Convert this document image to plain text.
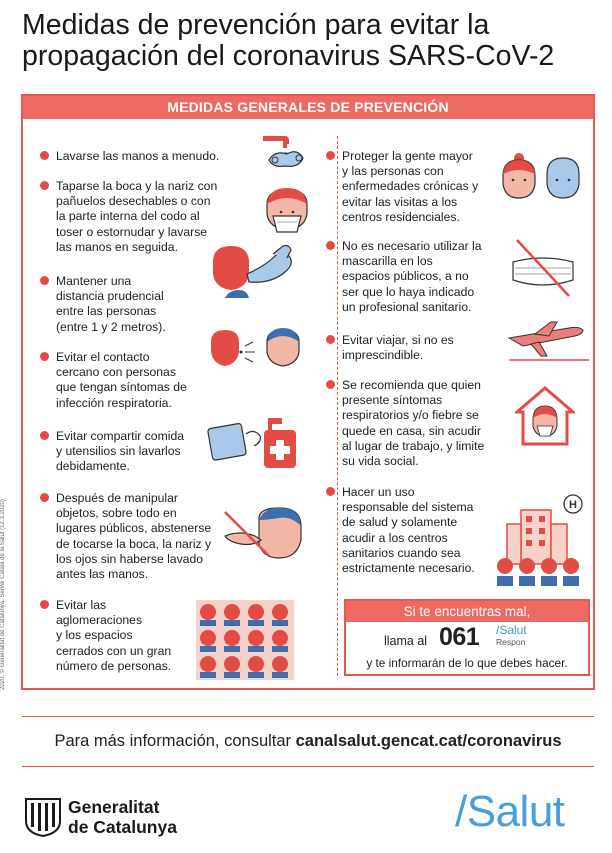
Medidas de prevención para evitar la propagación del coronavirus SARS-CoV-2
MEDIDAS GENERALES DE PREVENCIÓN
Lavarse las manos a menudo.
Taparse la boca y la nariz con
pañuelos desechables o con
la parte interna del codo al
toser o estornudar y lavarse
las manos en seguida.
Mantener una
distancia prudencial
entre las personas
(entre 1 y 2 metros).
Evitar el contacto
cercano con personas
que tengan síntomas de
infección respiratoria.
Evitar compartir comida
y utensilios sin lavarlos
debidamente.
Después de manipular
objetos, sobre todo en
lugares públicos, abstenerse
de tocarse la boca, la nariz y
los ojos sin haberse lavado
antes las manos.
Evitar las
aglomeraciones
y los espacios
cerrados con un gran
número de personas.
Proteger la gente mayor
y las personas con
enfermedades crónicas y
evitar las visitas a los
centros residenciales.
No es necesario utilizar la
mascarilla en los
espacios públicos, a no
ser que lo haya indicado
un profesional sanitario.
Evitar viajar, si no es
imprescindible.
Se recomienda que quien
presente síntomas
respiratorios y/o fiebre se
quede en casa, sin acudir
al lugar de trabajo, y limite
su vida social.
Hacer un uso
responsable del sistema
de salud y solamente
acudir a los centros
sanitarios cuando sea
estrictamente necesario.
H
Si te encuentras mal,
llama al 061 /Salut
Respon
y te informarán de lo que debes hacer.
Para más información, consultar canalsalut.gencat.cat/coronavirus
2020. © Generalitat de Catalunya. Servei Català de la Salut (12.3.2020)
Generalitat
de Catalunya	/Salut
